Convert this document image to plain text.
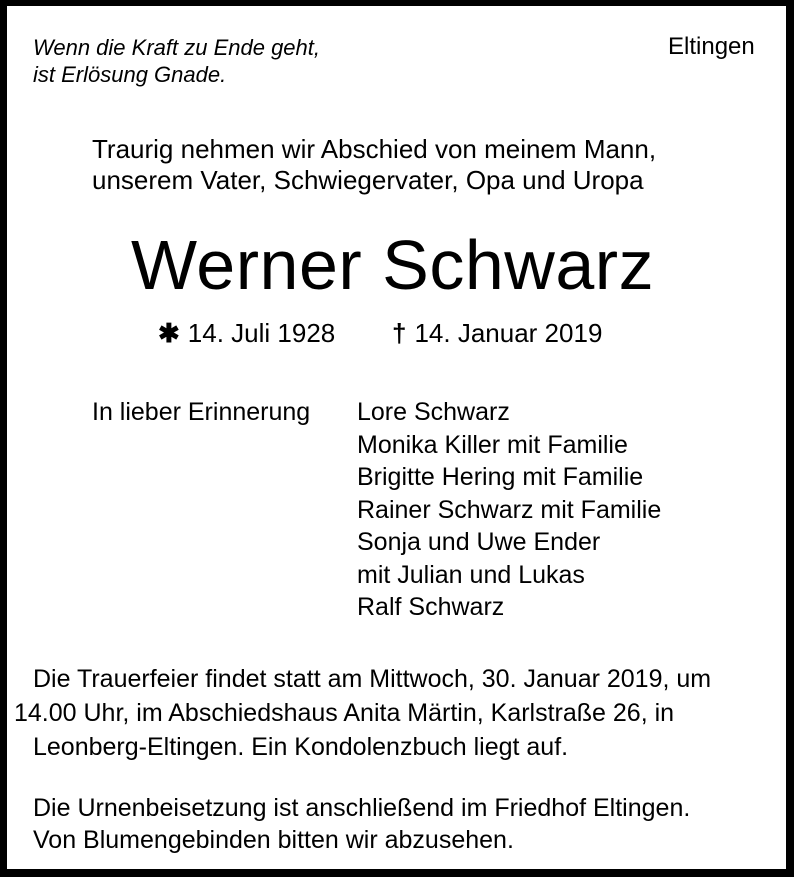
Wenn die Kraft zu Ende geht,
ist Erlösung Gnade.
Eltingen
Traurig nehmen wir Abschied von meinem Mann,
unserem Vater, Schwiegervater, Opa und Uropa
Werner Schwarz
✱ 14. Juli 1928 † 14. Januar 2019
In lieber Erinnerung Lore Schwarz
Monika Killer mit Familie
Brigitte Hering mit Familie
Rainer Schwarz mit Familie
Sonja und Uwe Ender
mit Julian und Lukas
Ralf Schwarz
Die Trauerfeier findet statt am Mittwoch, 30. Januar 2019, um
14.00 Uhr, im Abschiedshaus Anita Märtin, Karlstraße 26, in
Leonberg-Eltingen. Ein Kondolenzbuch liegt auf.
Die Urnenbeisetzung ist anschließend im Friedhof Eltingen.
Von Blumengebinden bitten wir abzusehen.
